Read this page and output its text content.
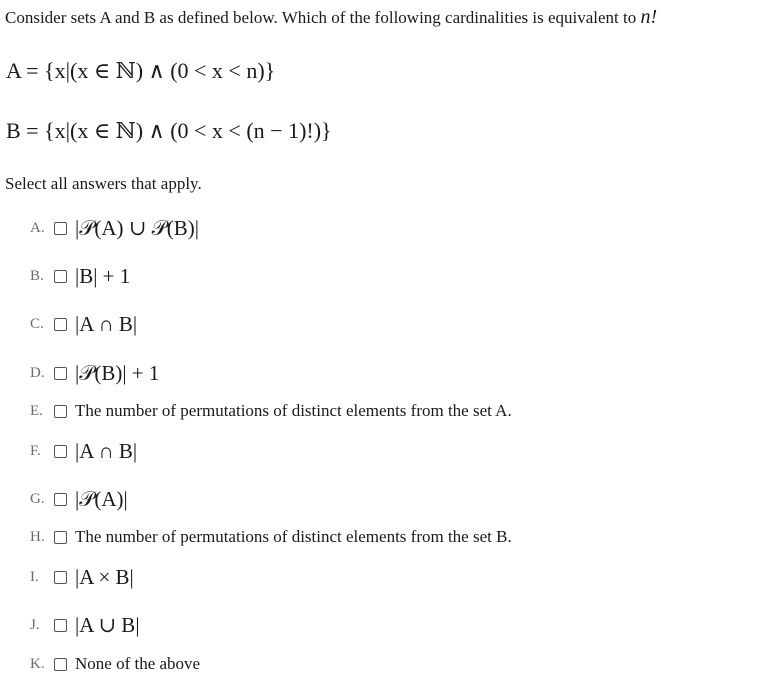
Consider sets A and B as defined below. Which of the following cardinalities is equivalent to n!
A = {x|(x ∈ ℕ) ∧ (0 < x < n)}
B = {x|(x ∈ ℕ) ∧ (0 < x < (n − 1)!)}
Select all answers that apply.
A. |𝒫(A) ∪ 𝒫(B)|
B. |B| + 1
C. |A ∩ B|
D. |𝒫(B)| + 1
E.	The number of permutations of distinct elements from the set A.
F.	|A ∩ B|
G. |𝒫(A)|
H.	The number of permutations of distinct elements from the set B.
I.	|A × B|
J.	|A ∪ B|
K.	None of the above
